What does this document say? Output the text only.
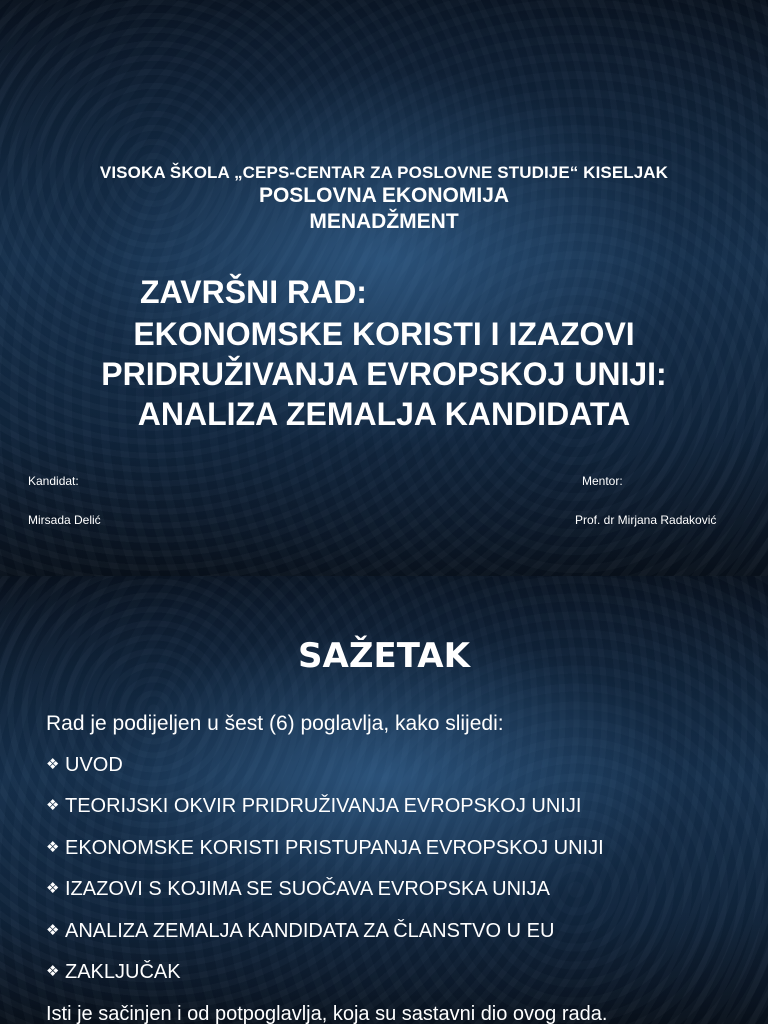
VISOKA ŠKOLA „CEPS-CENTAR ZA POSLOVNE STUDIJE“ KISELJAK
POSLOVNA EKONOMIJA
MENADŽMENT
ZAVRŠNI RAD:
EKONOMSKE KORISTI I IZAZOVI
PRIDRUŽIVANJA EVROPSKOJ UNIJI:
ANALIZA ZEMALJA KANDIDATA
Kandidat:
Mirsada Delić
Mentor:
Prof. dr Mirjana Radaković
SAŽETAK
Rad je podijeljen u šest (6) poglavlja, kako slijedi:
❖ UVOD
❖ TEORIJSKI OKVIR PRIDRUŽIVANJA EVROPSKOJ UNIJI
❖ EKONOMSKE KORISTI PRISTUPANJA EVROPSKOJ UNIJI
❖ IZAZOVI S KOJIMA SE SUOČAVA EVROPSKA UNIJA
❖ ANALIZA ZEMALJA KANDIDATA ZA ČLANSTVO U EU
❖ ZAKLJUČAK
Isti je sačinjen i od potpoglavlja, koja su sastavni dio ovog rada.
